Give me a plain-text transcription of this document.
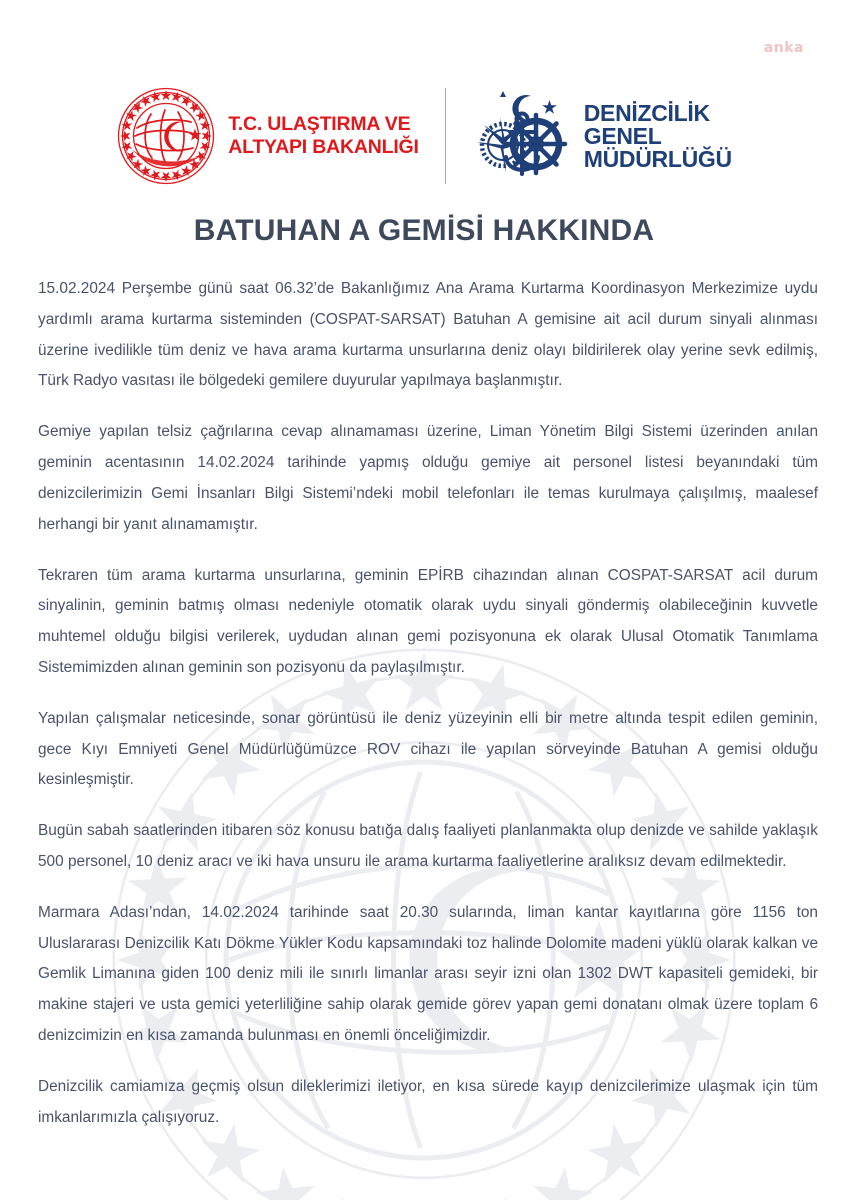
anka
T.C. ULAŞTIRMA VE
ALTYAPI BAKANLIĞI
DENİZCİLİK
GENEL
MÜDÜRLÜĞÜ
BATUHAN A GEMİSİ HAKKINDA

15.02.2024 Perşembe günü saat 06.32’de Bakanlığımız Ana Arama Kurtarma Koordinasyon Merkezimize uydu yardımlı arama kurtarma sisteminden (COSPAT-SARSAT) Batuhan A gemisine ait acil durum sinyali alınması üzerine ivedilikle tüm deniz ve hava arama kurtarma unsurlarına deniz olayı bildirilerek olay yerine sevk edilmiş, Türk Radyo vasıtası ile bölgedeki gemilere duyurular yapılmaya başlanmıştır.

Gemiye yapılan telsiz çağrılarına cevap alınamaması üzerine, Liman Yönetim Bilgi Sistemi üzerinden anılan geminin acentasının 14.02.2024 tarihinde yapmış olduğu gemiye ait personel listesi beyanındaki tüm denizcilerimizin Gemi İnsanları Bilgi Sistemi’ndeki mobil telefonları ile temas kurulmaya çalışılmış, maalesef herhangi bir yanıt alınamamıştır.

Tekraren tüm arama kurtarma unsurlarına, geminin EPİRB cihazından alınan COSPAT-SARSAT acil durum sinyalinin, geminin batmış olması nedeniyle otomatik olarak uydu sinyali göndermiş olabileceğinin kuvvetle muhtemel olduğu bilgisi verilerek, uydudan alınan gemi pozisyonuna ek olarak Ulusal Otomatik Tanımlama Sistemimizden alınan geminin son pozisyonu da paylaşılmıştır.

Yapılan çalışmalar neticesinde, sonar görüntüsü ile deniz yüzeyinin elli bir metre altında tespit edilen geminin, gece Kıyı Emniyeti Genel Müdürlüğümüzce ROV cihazı ile yapılan sörveyinde Batuhan A gemisi olduğu kesinleşmiştir.

Bugün sabah saatlerinden itibaren söz konusu batığa dalış faaliyeti planlanmakta olup denizde ve sahilde yaklaşık 500 personel, 10 deniz aracı ve iki hava unsuru ile arama kurtarma faaliyetlerine aralıksız devam edilmektedir.

Marmara Adası’ndan, 14.02.2024 tarihinde saat 20.30 sularında, liman kantar kayıtlarına göre 1156 ton Uluslararası Denizcilik Katı Dökme Yükler Kodu kapsamındaki toz halinde Dolomite madeni yüklü olarak kalkan ve Gemlik Limanına giden 100 deniz mili ile sınırlı limanlar arası seyir izni olan 1302 DWT kapasiteli gemideki, bir makine stajeri ve usta gemici yeterliliğine sahip olarak gemide görev yapan gemi donatanı olmak üzere toplam 6 denizcimizin en kısa zamanda bulunması en önemli önceliğimizdir.

Denizcilik camiamıza geçmiş olsun dileklerimizi iletiyor, en kısa sürede kayıp denizcilerimize ulaşmak için tüm imkanlarımızla çalışıyoruz.
